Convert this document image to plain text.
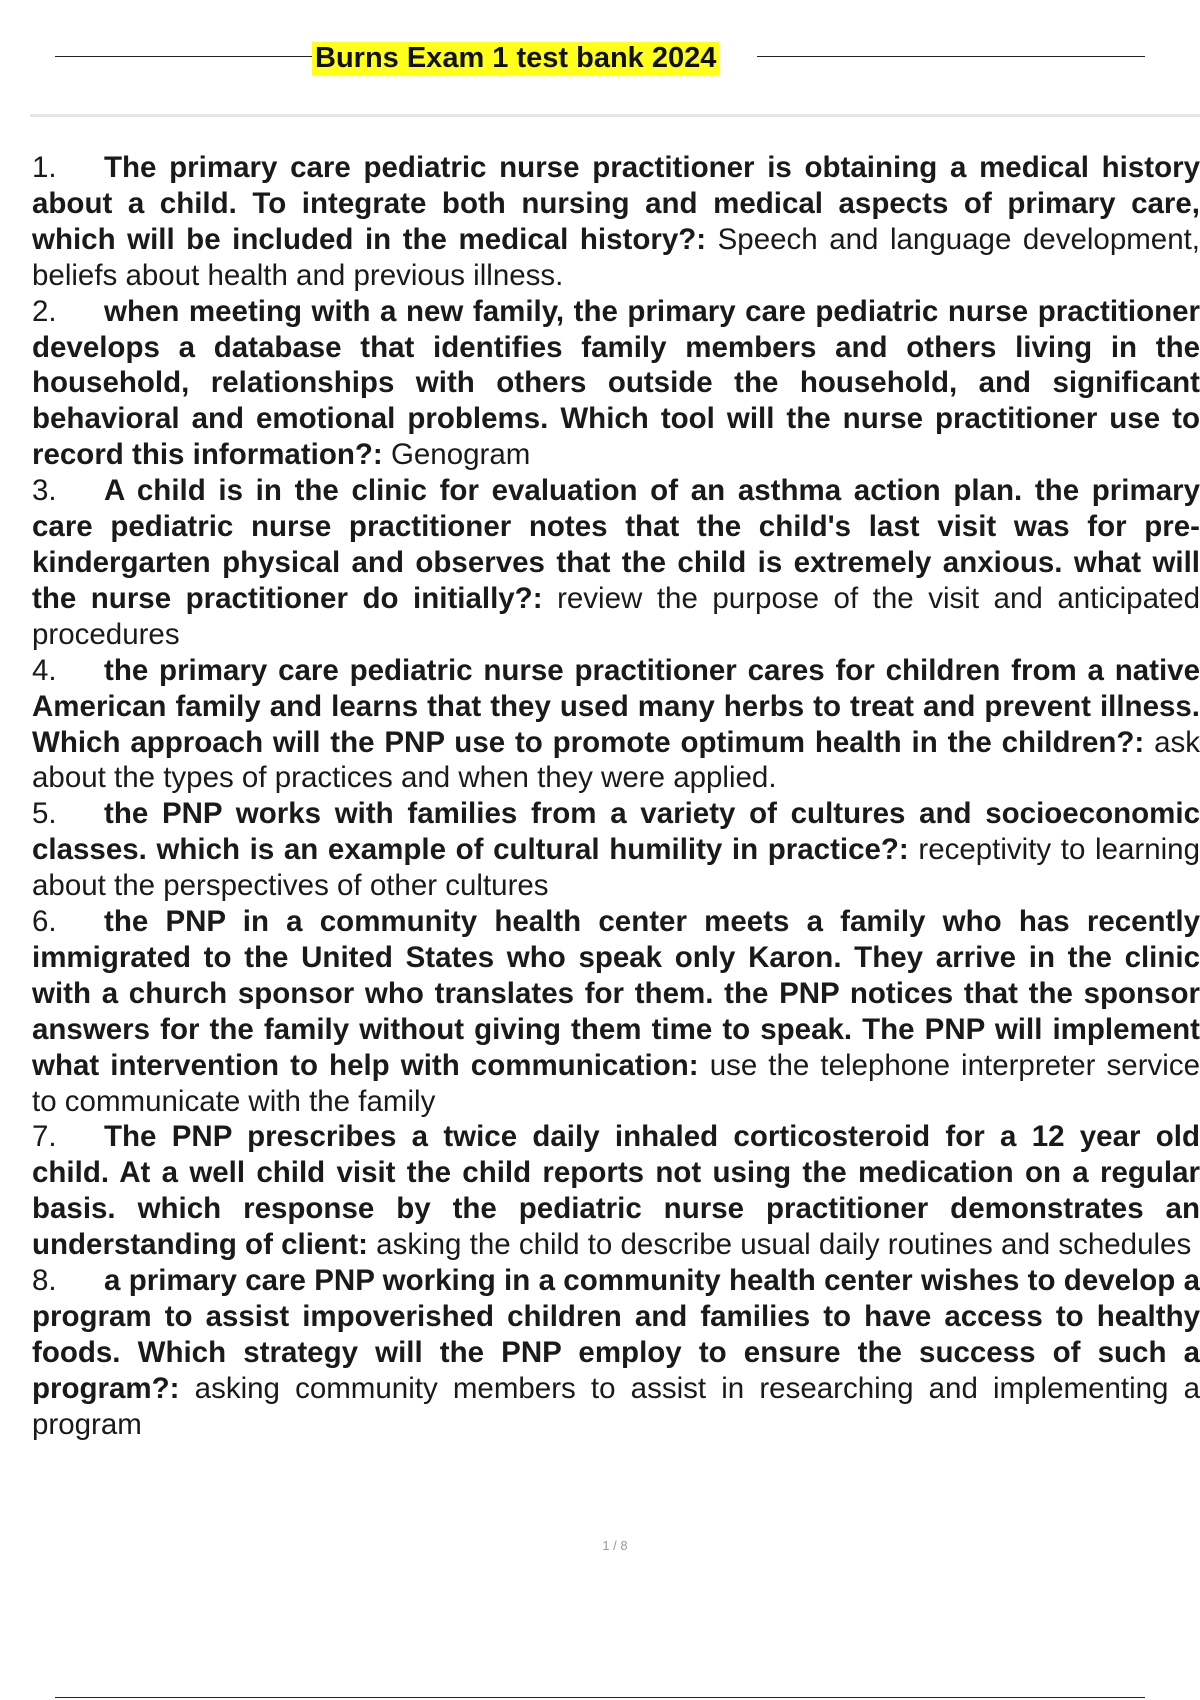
Burns Exam 1 test bank 2024
1. The primary care pediatric nurse practitioner is obtaining a medical history about a child. To integrate both nursing and medical aspects of primary care, which will be included in the medical history?: Speech and language development, beliefs about health and previous illness.
2. when meeting with a new family, the primary care pediatric nurse practitioner develops a database that identifies family members and others living in the household, relationships with others outside the household, and significant behavioral and emotional problems. Which tool will the nurse practitioner use to record this information?: Genogram
3. A child is in the clinic for evaluation of an asthma action plan. the primary care pediatric nurse practitioner notes that the child's last visit was for pre- kindergarten physical and observes that the child is extremely anxious. what will the nurse practitioner do initially?: review the purpose of the visit and anticipated procedures
4. the primary care pediatric nurse practitioner cares for children from a native American family and learns that they used many herbs to treat and prevent illness. Which approach will the PNP use to promote optimum health in the children?: ask about the types of practices and when they were applied.
5. the PNP works with families from a variety of cultures and socioeconomic classes. which is an example of cultural humility in practice?: receptivity to learning about the perspectives of other cultures
6. the PNP in a community health center meets a family who has recently immigrated to the United States who speak only Karon. They arrive in the clinic with a church sponsor who translates for them. the PNP notices that the sponsor answers for the family without giving them time to speak. The PNP will implement what intervention to help with communication: use the telephone interpreter service to communicate with the family
7. The PNP prescribes a twice daily inhaled corticosteroid for a 12 year old child. At a well child visit the child reports not using the medication on a regular basis. which response by the pediatric nurse practitioner demonstrates an understanding of client: asking the child to describe usual daily routines and schedules
8. a primary care PNP working in a community health center wishes to develop a program to assist impoverished children and families to have access to healthy foods. Which strategy will the PNP employ to ensure the success of such a program?: asking community members to assist in researching and implementing a program
1 / 8
